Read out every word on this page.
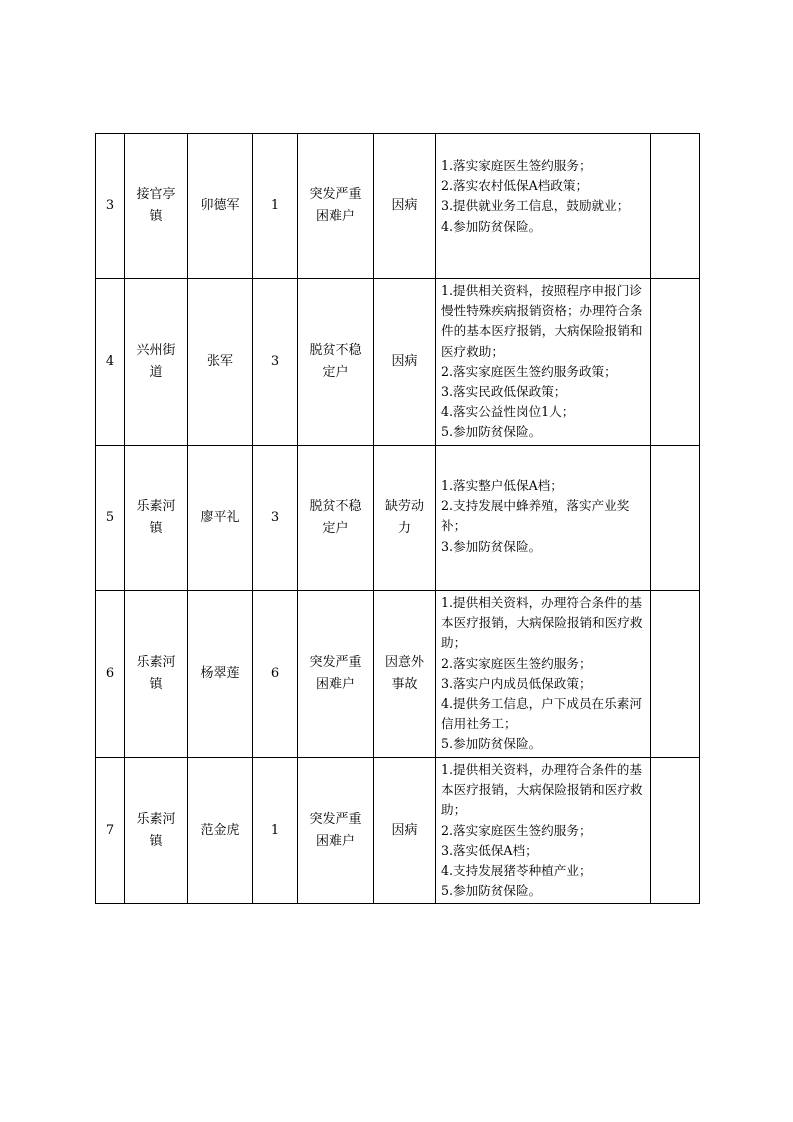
3	接官亭镇	卯德军	1	突发严重困难户	因病	1.落实家庭医生签约服务；
2.落实农村低保A档政策；
3.提供就业务工信息，鼓励就业；
4.参加防贫保险。	

4	兴州街道	张军	3	脱贫不稳定户	因病	1.提供相关资料，按照程序申报门诊慢性特殊疾病报销资格；办理符合条件的基本医疗报销，大病保险报销和医疗救助；
2.落实家庭医生签约服务政策；
3.落实民政低保政策；
4.落实公益性岗位1人；
5.参加防贫保险。	

5	乐素河镇	廖平礼	3	脱贫不稳定户	缺劳动力	1.落实整户低保A档；
2.支持发展中蜂养殖，落实产业奖补；
3.参加防贫保险。	

6	乐素河镇	杨翠莲	6	突发严重困难户	因意外事故	1.提供相关资料，办理符合条件的基本医疗报销，大病保险报销和医疗救助；
2.落实家庭医生签约服务；
3.落实户内成员低保政策；
4.提供务工信息，户下成员在乐素河信用社务工；
5.参加防贫保险。	

7	乐素河镇	范金虎	1	突发严重困难户	因病	1.提供相关资料，办理符合条件的基本医疗报销，大病保险报销和医疗救助；
2.落实家庭医生签约服务；
3.落实低保A档；
4.支持发展猪苓种植产业；
5.参加防贫保险。	
